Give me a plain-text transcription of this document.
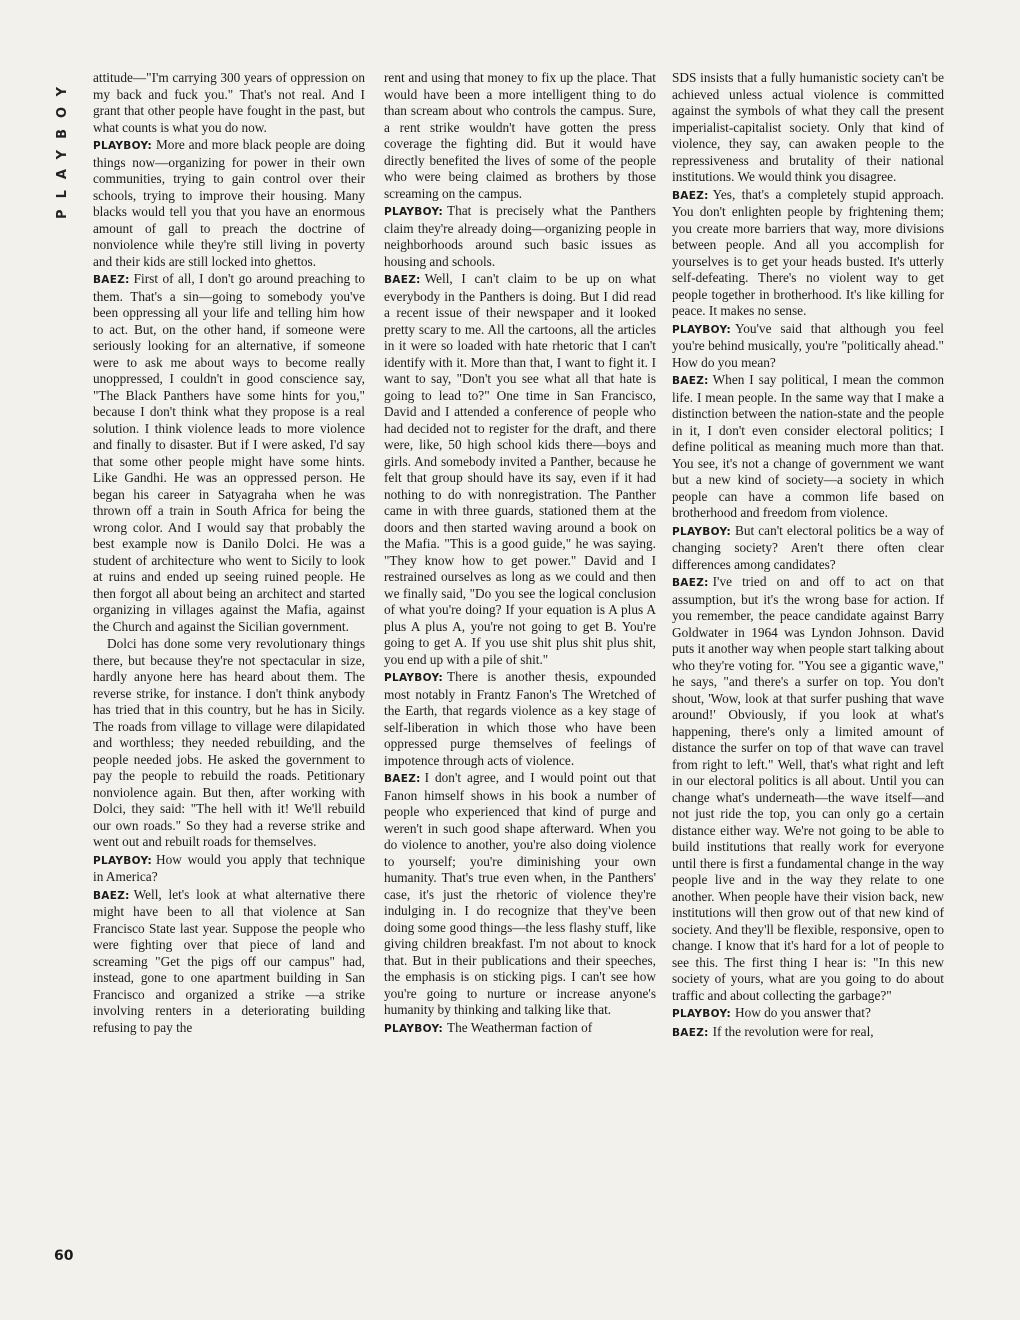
PLAYBOY	attitude—"I'm carrying 300 years of oppression on my back and fuck you." That's not real. And I grant that other people have fought in the past, but what counts is what you do now.

PLAYBOY: More and more black people are doing things now—organizing for power in their own communities, trying to gain control over their schools, trying to improve their housing. Many blacks would tell you that you have an enormous amount of gall to preach the doctrine of nonviolence while they're still living in poverty and their kids are still locked into ghettos.

BAEZ: First of all, I don't go around preaching to them. That's a sin—going to somebody you've been oppressing all your life and telling him how to act. But, on the other hand, if someone were seriously looking for an alternative, if someone were to ask me about ways to become really unoppressed, I couldn't in good conscience say, "The Black Panthers have some hints for you," because I don't think what they propose is a real solution. I think violence leads to more violence and finally to disaster. But if I were asked, I'd say that some other people might have some hints. Like Gandhi. He was an oppressed person. He began his career in Satyagraha when he was thrown off a train in South Africa for being the wrong color. And I would say that probably the best example now is Danilo Dolci. He was a student of architecture who went to Sicily to look at ruins and ended up seeing ruined people. He then forgot all about being an architect and started organizing in villages against the Mafia, against the Church and against the Sicilian government.

Dolci has done some very revolutionary things there, but because they're not spectacular in size, hardly anyone here has heard about them. The reverse strike, for instance. I don't think anybody has tried that in this country, but he has in Sicily. The roads from village to village were dilapidated and worthless; they needed rebuilding, and the people needed jobs. He asked the government to pay the people to rebuild the roads. Petitionary nonviolence again. But then, after working with Dolci, they said: "The hell with it! We'll rebuild our own roads." So they had a reverse strike and went out and rebuilt roads for themselves.

PLAYBOY: How would you apply that technique in America?

BAEZ: Well, let's look at what alternative there might have been to all that violence at San Francisco State last year. Suppose the people who were fighting over that piece of land and screaming "Get the pigs off our campus" had, instead, gone to one apartment building in San Francisco and organized a strike —a strike involving renters in a deteriorating building refusing to pay the

rent and using that money to fix up the place. That would have been a more intelligent thing to do than scream about who controls the campus. Sure, a rent strike wouldn't have gotten the press coverage the fighting did. But it would have directly benefited the lives of some of the people who were being claimed as brothers by those screaming on the campus.

PLAYBOY: That is precisely what the Panthers claim they're already doing—organizing people in neighborhoods around such basic issues as housing and schools.

BAEZ: Well, I can't claim to be up on what everybody in the Panthers is doing. But I did read a recent issue of their newspaper and it looked pretty scary to me. All the cartoons, all the articles in it were so loaded with hate rhetoric that I can't identify with it. More than that, I want to fight it. I want to say, "Don't you see what all that hate is going to lead to?" One time in San Francisco, David and I attended a conference of people who had decided not to register for the draft, and there were, like, 50 high school kids there—boys and girls. And somebody invited a Panther, because he felt that group should have its say, even if it had nothing to do with nonregistration. The Panther came in with three guards, stationed them at the doors and then started waving around a book on the Mafia. "This is a good guide," he was saying. "They know how to get power." David and I restrained ourselves as long as we could and then we finally said, "Do you see the logical conclusion of what you're doing? If your equation is A plus A plus A plus A, you're not going to get B. You're going to get A. If you use shit plus shit plus shit, you end up with a pile of shit."

PLAYBOY: There is another thesis, expounded most notably in Frantz Fanon's The Wretched of the Earth, that regards violence as a key stage of self-liberation in which those who have been oppressed purge themselves of feelings of impotence through acts of violence.

BAEZ: I don't agree, and I would point out that Fanon himself shows in his book a number of people who experienced that kind of purge and weren't in such good shape afterward. When you do violence to another, you're also doing violence to yourself; you're diminishing your own humanity. That's true even when, in the Panthers' case, it's just the rhetoric of violence they're indulging in. I do recognize that they've been doing some good things—the less flashy stuff, like giving children breakfast. I'm not about to knock that. But in their publications and their speeches, the emphasis is on sticking pigs. I can't see how you're going to nurture or increase anyone's humanity by thinking and talking like that.

PLAYBOY: The Weatherman faction of

SDS insists that a fully humanistic society can't be achieved unless actual violence is committed against the symbols of what they call the present imperialist-capitalist society. Only that kind of violence, they say, can awaken people to the repressiveness and brutality of their national institutions. We would think you disagree.

BAEZ: Yes, that's a completely stupid approach. You don't enlighten people by frightening them; you create more barriers that way, more divisions between people. And all you accomplish for yourselves is to get your heads busted. It's utterly self-defeating. There's no violent way to get people together in brotherhood. It's like killing for peace. It makes no sense.

PLAYBOY: You've said that although you feel you're behind musically, you're "politically ahead." How do you mean?

BAEZ: When I say political, I mean the common life. I mean people. In the same way that I make a distinction between the nation-state and the people in it, I don't even consider electoral politics; I define political as meaning much more than that. You see, it's not a change of government we want but a new kind of society—a society in which people can have a common life based on brotherhood and freedom from violence.

PLAYBOY: But can't electoral politics be a way of changing society? Aren't there often clear differences among candidates?

BAEZ: I've tried on and off to act on that assumption, but it's the wrong base for action. If you remember, the peace candidate against Barry Goldwater in 1964 was Lyndon Johnson. David puts it another way when people start talking about who they're voting for. "You see a gigantic wave," he says, "and there's a surfer on top. You don't shout, 'Wow, look at that surfer pushing that wave around!' Obviously, if you look at what's happening, there's only a limited amount of distance the surfer on top of that wave can travel from right to left." Well, that's what right and left in our electoral politics is all about. Until you can change what's underneath—the wave itself—and not just ride the top, you can only go a certain distance either way. We're not going to be able to build institutions that really work for everyone until there is first a fundamental change in the way people live and in the way they relate to one another. When people have their vision back, new institutions will then grow out of that new kind of society. And they'll be flexible, responsive, open to change. I know that it's hard for a lot of people to see this. The first thing I hear is: "In this new society of yours, what are you going to do about traffic and about collecting the garbage?"

PLAYBOY: How do you answer that?

BAEZ: If the revolution were for real,

60
